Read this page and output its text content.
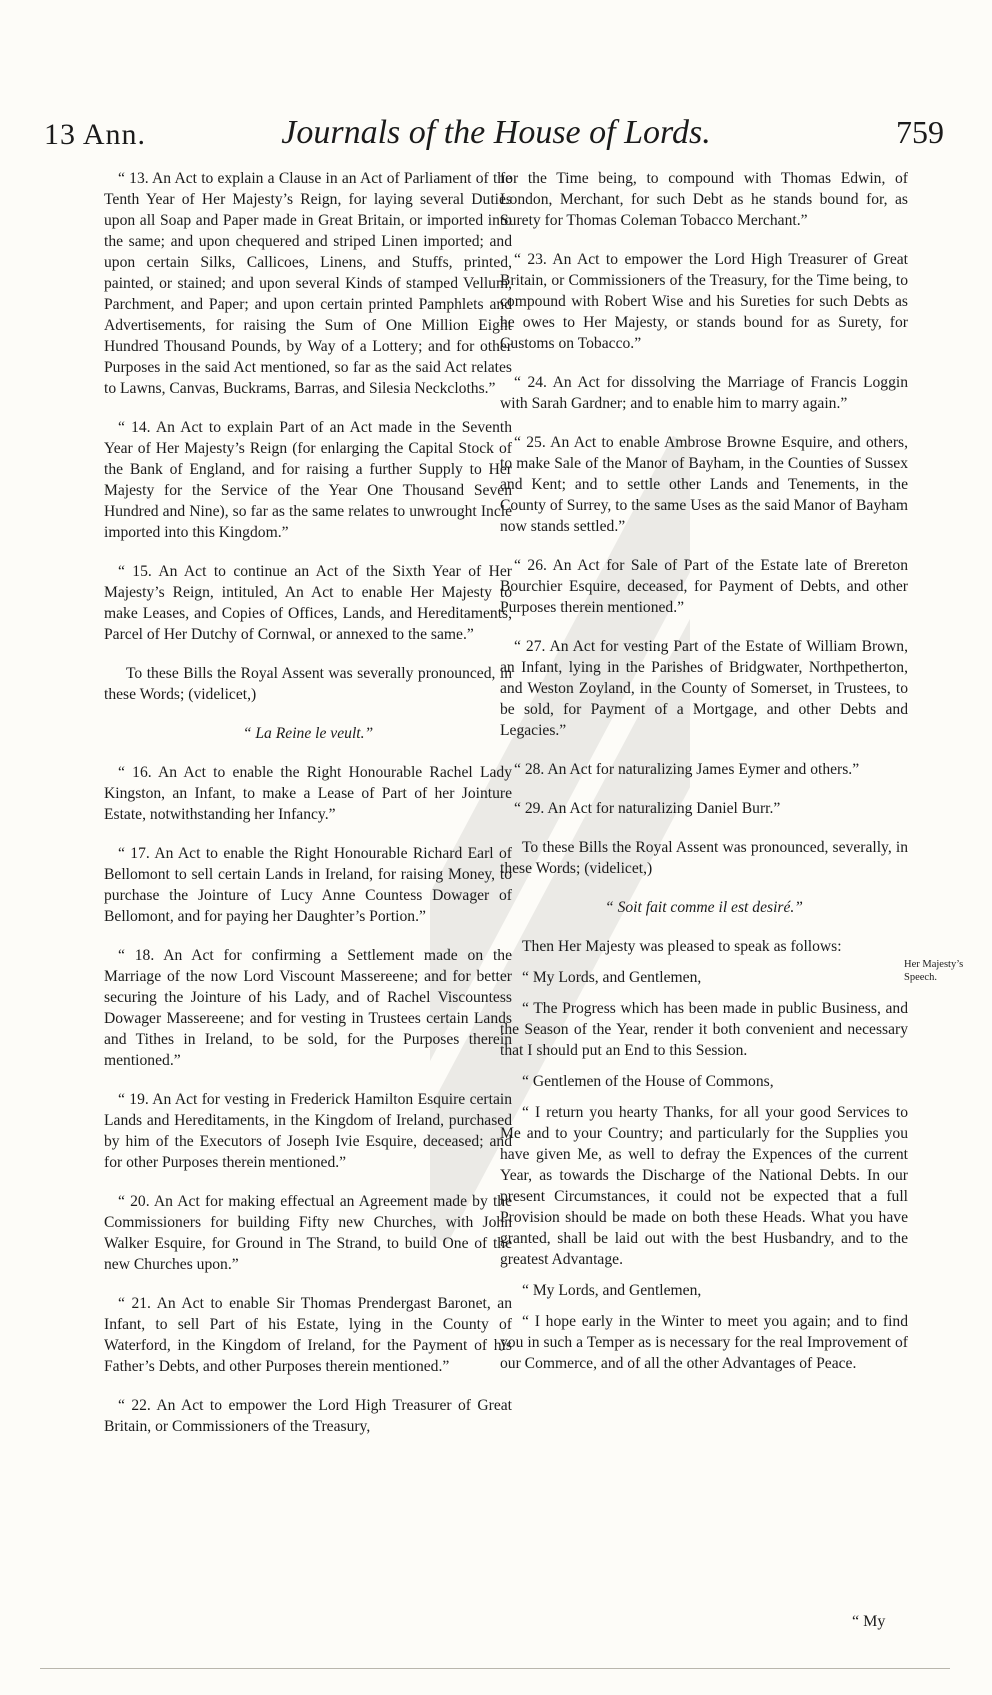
13 Ann.	Journals of the House of Lords.	759

“ 13. An Act to explain a Clause in an Act of Parliament of the Tenth Year of Her Majesty’s Reign, for laying several Duties upon all Soap and Paper made in Great Britain, or imported into the same; and upon chequered and striped Linen imported; and upon certain Silks, Callicoes, Linens, and Stuffs, printed, painted, or stained; and upon several Kinds of stamped Vellum, Parchment, and Paper; and upon certain printed Pamphlets and Advertisements, for raising the Sum of One Million Eight Hundred Thousand Pounds, by Way of a Lottery; and for other Purposes in the said Act mentioned, so far as the said Act relates to Lawns, Canvas, Buckrams, Barras, and Silesia Neckcloths.”

“ 14. An Act to explain Part of an Act made in the Seventh Year of Her Majesty’s Reign (for enlarging the Capital Stock of the Bank of England, and for raising a further Supply to Her Majesty for the Service of the Year One Thousand Seven Hundred and Nine), so far as the same relates to unwrought Incle imported into this Kingdom.”

“ 15. An Act to continue an Act of the Sixth Year of Her Majesty’s Reign, intituled, An Act to enable Her Majesty to make Leases, and Copies of Offices, Lands, and Hereditaments, Parcel of Her Dutchy of Cornwal, or annexed to the same.”

To these Bills the Royal Assent was severally pronounced, in these Words; (videlicet,)

“ La Reine le veult.”

“ 16. An Act to enable the Right Honourable Rachel Lady Kingston, an Infant, to make a Lease of Part of her Jointure Estate, notwithstanding her Infancy.”

“ 17. An Act to enable the Right Honourable Richard Earl of Bellomont to sell certain Lands in Ireland, for raising Money, to purchase the Jointure of Lucy Anne Countess Dowager of Bellomont, and for paying her Daughter’s Portion.”

“ 18. An Act for confirming a Settlement made on the Marriage of the now Lord Viscount Massereene; and for better securing the Jointure of his Lady, and of Rachel Viscountess Dowager Massereene; and for vesting in Trustees certain Lands and Tithes in Ireland, to be sold, for the Purposes therein mentioned.”

“ 19. An Act for vesting in Frederick Hamilton Esquire certain Lands and Hereditaments, in the Kingdom of Ireland, purchased by him of the Executors of Joseph Ivie Esquire, deceased; and for other Purposes therein mentioned.”

“ 20. An Act for making effectual an Agreement made by the Commissioners for building Fifty new Churches, with John Walker Esquire, for Ground in The Strand, to build One of the new Churches upon.”

“ 21. An Act to enable Sir Thomas Prendergast Baronet, an Infant, to sell Part of his Estate, lying in the County of Waterford, in the Kingdom of Ireland, for the Payment of his Father’s Debts, and other Purposes therein mentioned.”

“ 22. An Act to empower the Lord High Treasurer of Great Britain, or Commissioners of the Treasury,

for the Time being, to compound with Thomas Edwin, of London, Merchant, for such Debt as he stands bound for, as Surety for Thomas Coleman Tobacco Merchant.”

“ 23. An Act to empower the Lord High Treasurer of Great Britain, or Commissioners of the Treasury, for the Time being, to compound with Robert Wise and his Sureties for such Debts as he owes to Her Majesty, or stands bound for as Surety, for Customs on Tobacco.”

“ 24. An Act for dissolving the Marriage of Francis Loggin with Sarah Gardner; and to enable him to marry again.”

“ 25. An Act to enable Ambrose Browne Esquire, and others, to make Sale of the Manor of Bayham, in the Counties of Sussex and Kent; and to settle other Lands and Tenements, in the County of Surrey, to the same Uses as the said Manor of Bayham now stands settled.”

“ 26. An Act for Sale of Part of the Estate late of Brereton Bourchier Esquire, deceased, for Payment of Debts, and other Purposes therein mentioned.”

“ 27. An Act for vesting Part of the Estate of William Brown, an Infant, lying in the Parishes of Bridgwater, Northpetherton, and Weston Zoyland, in the County of Somerset, in Trustees, to be sold, for Payment of a Mortgage, and other Debts and Legacies.”

“ 28. An Act for naturalizing James Eymer and others.”

“ 29. An Act for naturalizing Daniel Burr.”

To these Bills the Royal Assent was pronounced, severally, in these Words; (videlicet,)

“ Soit fait comme il est desiré.”

Then Her Majesty was pleased to speak as follows:

“ My Lords, and Gentlemen,

“ The Progress which has been made in public Business, and the Season of the Year, render it both convenient and necessary that I should put an End to this Session.

“ Gentlemen of the House of Commons,

“ I return you hearty Thanks, for all your good Services to Me and to your Country; and particularly for the Supplies you have given Me, as well to defray the Expences of the current Year, as towards the Discharge of the National Debts. In our present Circumstances, it could not be expected that a full Provision should be made on both these Heads. What you have granted, shall be laid out with the best Husbandry, and to the greatest Advantage.

“ My Lords, and Gentlemen,

“ I hope early in the Winter to meet you again; and to find you in such a Temper as is necessary for the real Improvement of our Commerce, and of all the other Advantages of Peace.

Her Majesty’s Speech.
“ My
